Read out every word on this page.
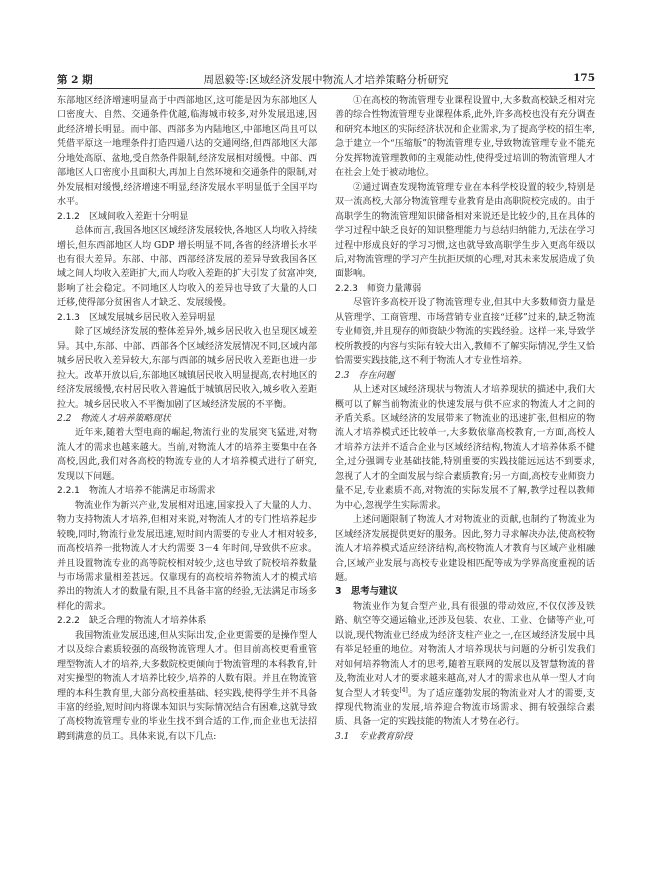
第 2 期	周恩毅等:区域经济发展中物流人才培养策略分析研究	175

东部地区经济增速明显高于中西部地区,这可能是因为东部地区人口密度大、自然、交通条件优越,临海城市较多,对外发展迅速,因此经济增长明显。而中部、西部多为内陆地区,中部地区尚且可以凭借平原这一地理条件打造四通八达的交通网络,但西部地区大部分地处高原、盆地,受自然条件限制,经济发展相对缓慢。中部、西部地区人口密度小且面积大,再加上自然环境和交通条件的限制,对外发展相对缓慢,经济增速不明显,经济发展水平明显低于全国平均水平。

2.1.2　区域间收入差距十分明显

总体而言,我国各地区区域经济发展较快,各地区人均收入持续增长,但东西部地区人均 GDP 增长明显不同,各省的经济增长水平也有很大差异。东部、中部、西部经济发展的差异导致我国各区域之间人均收入差距扩大,而人均收入差距的扩大引发了贫富冲突,影响了社会稳定。不同地区人均收入的差异也导致了大量的人口迁移,使得部分贫困省人才缺乏、发展缓慢。

2.1.3　区域发展城乡居民收入差异明显

除了区域经济发展的整体差异外,城乡居民收入也呈现区域差异。其中,东部、中部、西部各个区域经济发展情况不同,区域内部城乡居民收入差异较大,东部与西部的城乡居民收入差距也进一步拉大。改革开放以后,东部地区城镇居民收入明显提高,农村地区的经济发展缓慢,农村居民收入普遍低于城镇居民收入,城乡收入差距拉大。城乡居民收入不平衡加剧了区域经济发展的不平衡。

2.2　物流人才培养策略现状

近年来,随着大型电商的崛起,物流行业的发展突飞猛进,对物流人才的需求也越来越大。当前,对物流人才的培养主要集中在各高校,因此,我们对各高校的物流专业的人才培养模式进行了研究,发现以下问题。

2.2.1　物流人才培养不能满足市场需求

物流业作为新兴产业,发展相对迅速,国家投入了大量的人力、物力支持物流人才培养,但相对来说,对物流人才的专门性培养起步较晚,同时,物流行业发展迅速,短时间内需要的专业人才相对较多,而高校培养一批物流人才大约需要 3－4 年时间,导致供不应求。并且设置物流专业的高等院校相对较少,这也导致了院校培养数量与市场需求量相差甚远。仅靠现有的高校培养物流人才的模式培养出的物流人才的数量有限,且不具备丰富的经验,无法满足市场多样化的需求。

2.2.2　缺乏合理的物流人才培养体系

我国物流业发展迅速,但从实际出发,企业更需要的是操作型人才以及综合素质较强的高级物流管理人才。但目前高校更看重管理型物流人才的培养,大多数院校更倾向于物流管理的本科教育,针对实操型的物流人才培养比较少,培养的人数有限。并且在物流管理的本科生教育里,大部分高校重基础、轻实践,使得学生并不具备丰富的经验,短时间内将课本知识与实际情况结合有困难,这就导致了高校物流管理专业的毕业生找不到合适的工作,而企业也无法招聘到满意的员工。具体来说,有以下几点:

①在高校的物流管理专业课程设置中,大多数高校缺乏相对完善的综合性物流管理专业课程体系,此外,许多高校也没有充分调查和研究本地区的实际经济状况和企业需求,为了提高学校的招生率,急于建立一个“压缩版”的物流管理专业,导致物流管理专业不能充分发挥物流管理教师的主观能动性,使得受过培训的物流管理人才在社会上处于被动地位。

②通过调查发现物流管理专业在本科学校设置的较少,特别是双一流高校,大部分物流管理专业教育是由高职院校完成的。由于高职学生的物流管理知识储备相对来说还是比较少的,且在具体的学习过程中缺乏良好的知识整理能力与总结归纳能力,无法在学习过程中形成良好的学习习惯,这也就导致高职学生步入更高年级以后,对物流管理的学习产生抗拒厌烦的心理,对其未来发展造成了负面影响。

2.2.3　师资力量薄弱

尽管许多高校开设了物流管理专业,但其中大多数师资力量是从管理学、工商管理、市场营销专业直接“迁移”过来的,缺乏物流专业师资,并且现存的师资缺少物流的实践经验。这样一来,导致学校所教授的内容与实际有较大出入,教师不了解实际情况,学生又恰恰需要实践技能,这不利于物流人才专业性培养。

2.3　存在问题

从上述对区域经济现状与物流人才培养现状的描述中,我们大概可以了解当前物流业的快速发展与供不应求的物流人才之间的矛盾关系。区域经济的发展带来了物流业的迅速扩张,但相应的物流人才培养模式还比较单一,大多数依靠高校教育,一方面,高校人才培养方法并不适合企业与区域经济结构,物流人才培养体系不健全,过分强调专业基础技能,特别重要的实践技能远远达不到要求,忽视了人才的全面发展与综合素质教育;另一方面,高校专业师资力量不足,专业素质不高,对物流的实际发展不了解,教学过程以教师为中心,忽视学生实际需求。

上述问题限制了物流人才对物流业的贡献,也制约了物流业为区域经济发展提供更好的服务。因此,努力寻求解决办法,使高校物流人才培养模式适应经济结构,高校物流人才教育与区域产业相融合,区域产业发展与高校专业建设相匹配等成为学界高度重视的话题。

3　思考与建议

物流业作为复合型产业,具有很强的带动效应,不仅仅涉及铁路、航空等交通运输业,还涉及包装、农业、工业、仓储等产业,可以说,现代物流业已经成为经济支柱产业之一,在区域经济发展中具有举足轻重的地位。对物流人才培养现状与问题的分析引发我们对如何培养物流人才的思考,随着互联网的发展以及智慧物流的普及,物流业对人才的要求越来越高,对人才的需求也从单一型人才向复合型人才转变[4]。为了适应蓬勃发展的物流业对人才的需要,支撑现代物流业的发展,培养迎合物流市场需求、拥有较强综合素质、具备一定的实践技能的物流人才势在必行。

3.1　专业教育阶段
